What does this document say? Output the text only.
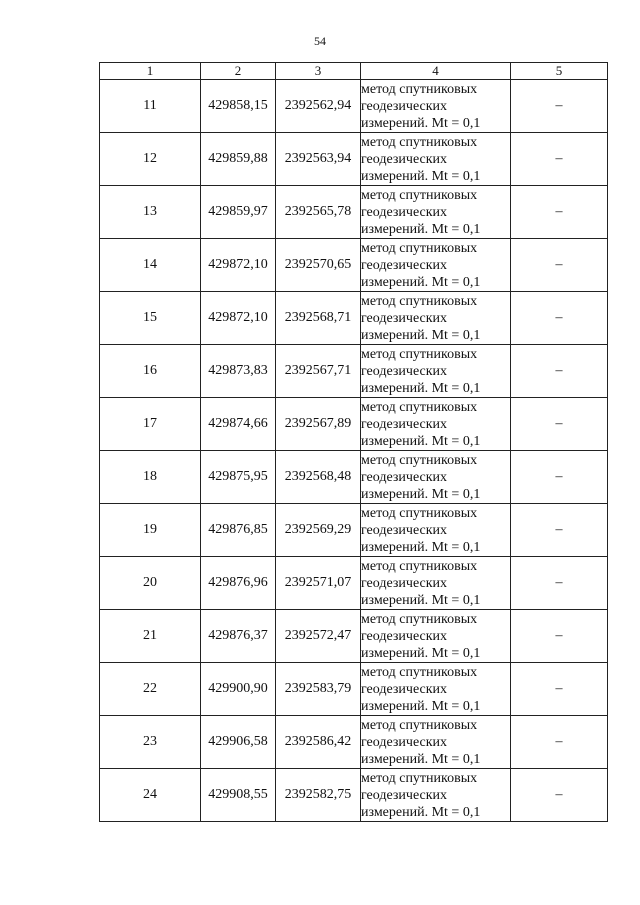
54
1	2	3	4	5
11	429858,15	2392562,94	метод спутниковых
геодезических
измерений. Mt = 0,1	–
12	429859,88	2392563,94	метод спутниковых
геодезических
измерений. Mt = 0,1	–
13	429859,97	2392565,78	метод спутниковых
геодезических
измерений. Mt = 0,1	–
14	429872,10	2392570,65	метод спутниковых
геодезических
измерений. Mt = 0,1	–
15	429872,10	2392568,71	метод спутниковых
геодезических
измерений. Mt = 0,1	–
16	429873,83	2392567,71	метод спутниковых
геодезических
измерений. Mt = 0,1	–
17	429874,66	2392567,89	метод спутниковых
геодезических
измерений. Mt = 0,1	–
18	429875,95	2392568,48	метод спутниковых
геодезических
измерений. Mt = 0,1	–
19	429876,85	2392569,29	метод спутниковых
геодезических
измерений. Mt = 0,1	–
20	429876,96	2392571,07	метод спутниковых
геодезических
измерений. Mt = 0,1	–
21	429876,37	2392572,47	метод спутниковых
геодезических
измерений. Mt = 0,1	–
22	429900,90	2392583,79	метод спутниковых
геодезических
измерений. Mt = 0,1	–
23	429906,58	2392586,42	метод спутниковых
геодезических
измерений. Mt = 0,1	–
24	429908,55	2392582,75	метод спутниковых
геодезических
измерений. Mt = 0,1	–
